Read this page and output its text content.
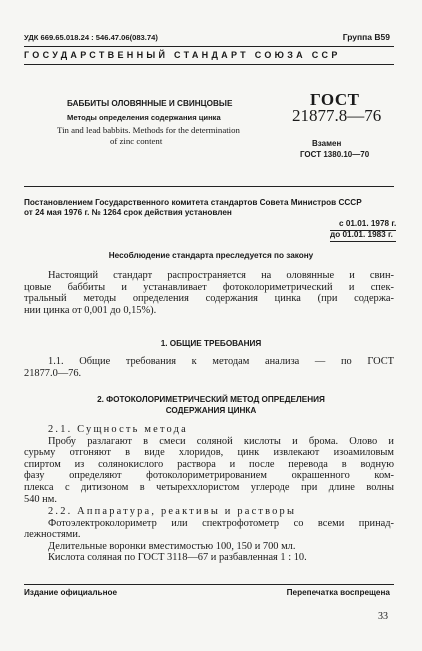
УДК 669.65.018.24 : 546.47.06(083.74)	Группа В59
ГОСУДАРСТВЕННЫЙ СТАНДАРТ СОЮЗА ССР
БАББИТЫ ОЛОВЯННЫЕ И СВИНЦОВЫЕ
Методы определения содержания цинка
Tin and lead babbits. Methods for the determination
of zinc content
ГОСТ
21877.8—76
Взамен
ГОСТ 1380.10—70
Постановлением Государственного комитета стандартов Совета Министров СССР
от 24 мая 1976 г. № 1264 срок действия установлен
с 01.01. 1978 г.
до 01.01. 1983 г.
Несоблюдение стандарта преследуется по закону
Настоящий стандарт распространяется на оловянные и свин-
цовые баббиты и устанавливает фотоколориметрический и спек-
тральный методы определения содержания цинка (при содержа-
нии цинка от 0,001 до 0,15%).
1. ОБЩИЕ ТРЕБОВАНИЯ
1.1. Общие требования к методам анализа — по ГОСТ
21877.0—76.
2. ФОТОКОЛОРИМЕТРИЧЕСКИЙ МЕТОД ОПРЕДЕЛЕНИЯ
СОДЕРЖАНИЯ ЦИНКА
2.1. Сущность метода
Пробу разлагают в смеси соляной кислоты и брома. Олово и
сурьму отгоняют в виде хлоридов, цинк извлекают изоамиловым
спиртом из солянокислого раствора и после перевода в водную
фазу определяют фотоколориметрированием окрашенного ком-
плекса с дитизоном в четыреххлористом углероде при длине волны
540 нм.
2.2. Аппаратура, реактивы и растворы
Фотоэлектроколориметр или спектрофотометр со всеми принад-
лежностями.
Делительные воронки вместимостью 100, 150 и 700 мл.
Кислота соляная по ГОСТ 3118—67 и разбавленная 1 : 10.
Издание официальное	Перепечатка воспрещена
33
